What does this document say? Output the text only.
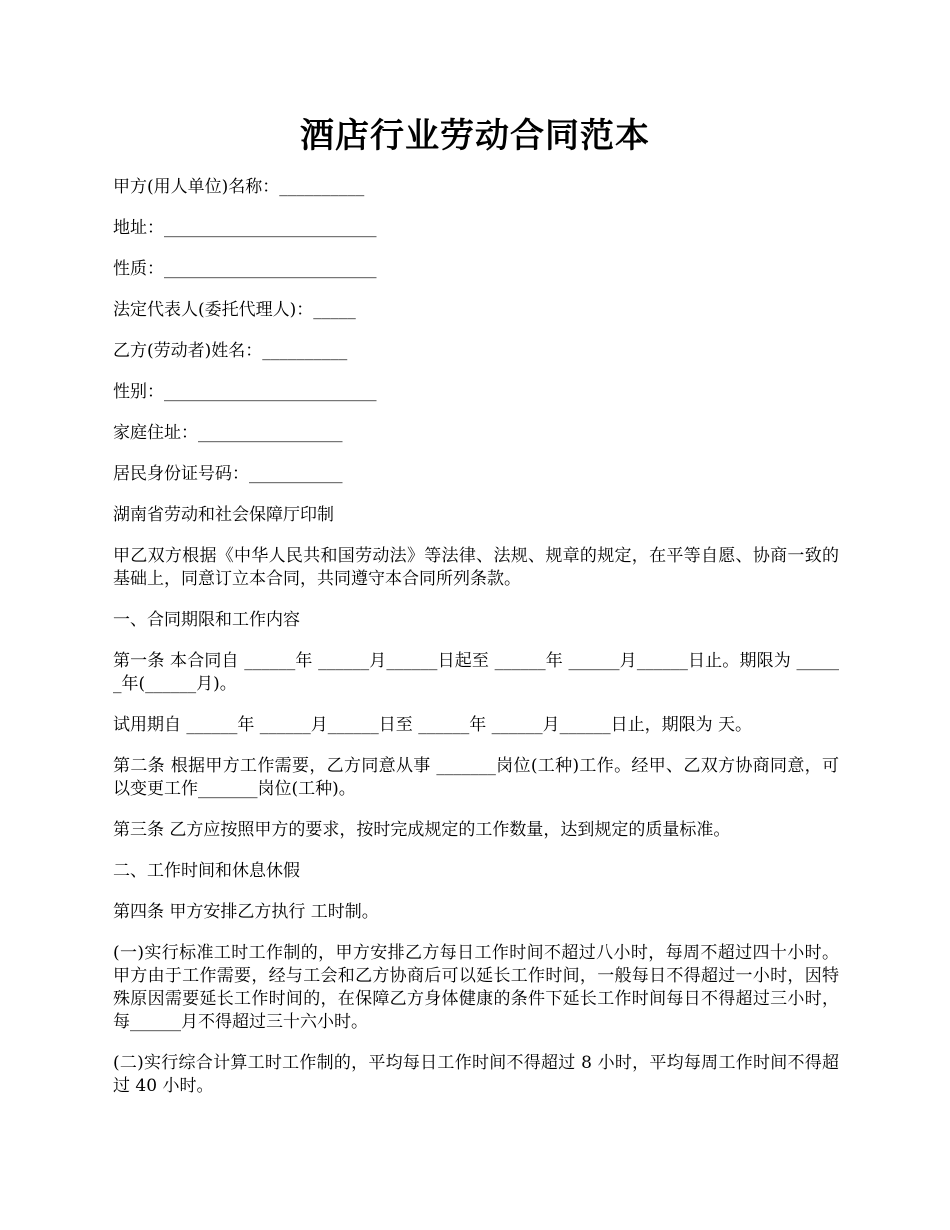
酒店行业劳动合同范本

甲方(用人单位)名称：__________

地址：_________________________

性质：_________________________

法定代表人(委托代理人)：_____

乙方(劳动者)姓名：__________

性别：_________________________

家庭住址：_________________

居民身份证号码：___________

湖南省劳动和社会保障厅印制

甲乙双方根据《中华人民共和国劳动法》等法律、法规、规章的规定，在平等自愿、协商一致的基础上，同意订立本合同，共同遵守本合同所列条款。

一、合同期限和工作内容

第一条 本合同自 ______年 ______月______日起至 ______年 ______月______日止。期限为 ______年(______月)。

试用期自 ______年 ______月______日至 ______年 ______月______日止，期限为 天。

第二条 根据甲方工作需要，乙方同意从事 _______岗位(工种)工作。经甲、乙双方协商同意，可以变更工作_______岗位(工种)。

第三条 乙方应按照甲方的要求，按时完成规定的工作数量，达到规定的质量标准。

二、工作时间和休息休假

第四条 甲方安排乙方执行 工时制。

(一)实行标准工时工作制的，甲方安排乙方每日工作时间不超过八小时，每周不超过四十小时。甲方由于工作需要，经与工会和乙方协商后可以延长工作时间，一般每日不得超过一小时，因特殊原因需要延长工作时间的，在保障乙方身体健康的条件下延长工作时间每日不得超过三小时，每______月不得超过三十六小时。

(二)实行综合计算工时工作制的，平均每日工作时间不得超过 8 小时，平均每周工作时间不得超过 40 小时。
